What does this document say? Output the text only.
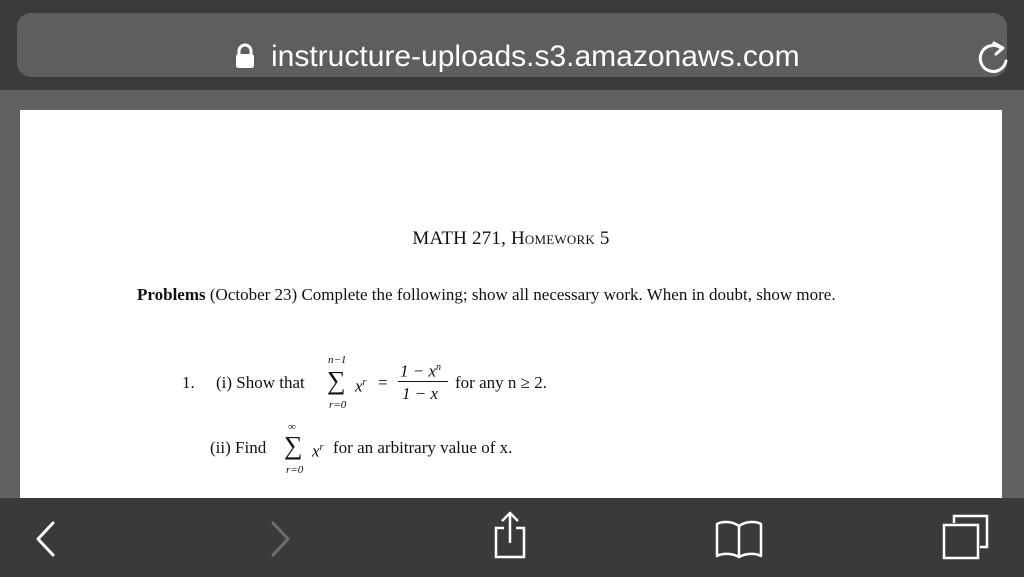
instructure-uploads.s3.amazonaws.com
MATH 271, Homework 5
Problems (October 23) Complete the following; show all necessary work. When in doubt, show more.
1. (i) Show that
n−1
∑
r=0
$x^r$ =
$1 - x^n$
1 − x
for any n ≥ 2.
(ii) Find
∞
∑
r=0
$x^r$ for an arbitrary value of x.
